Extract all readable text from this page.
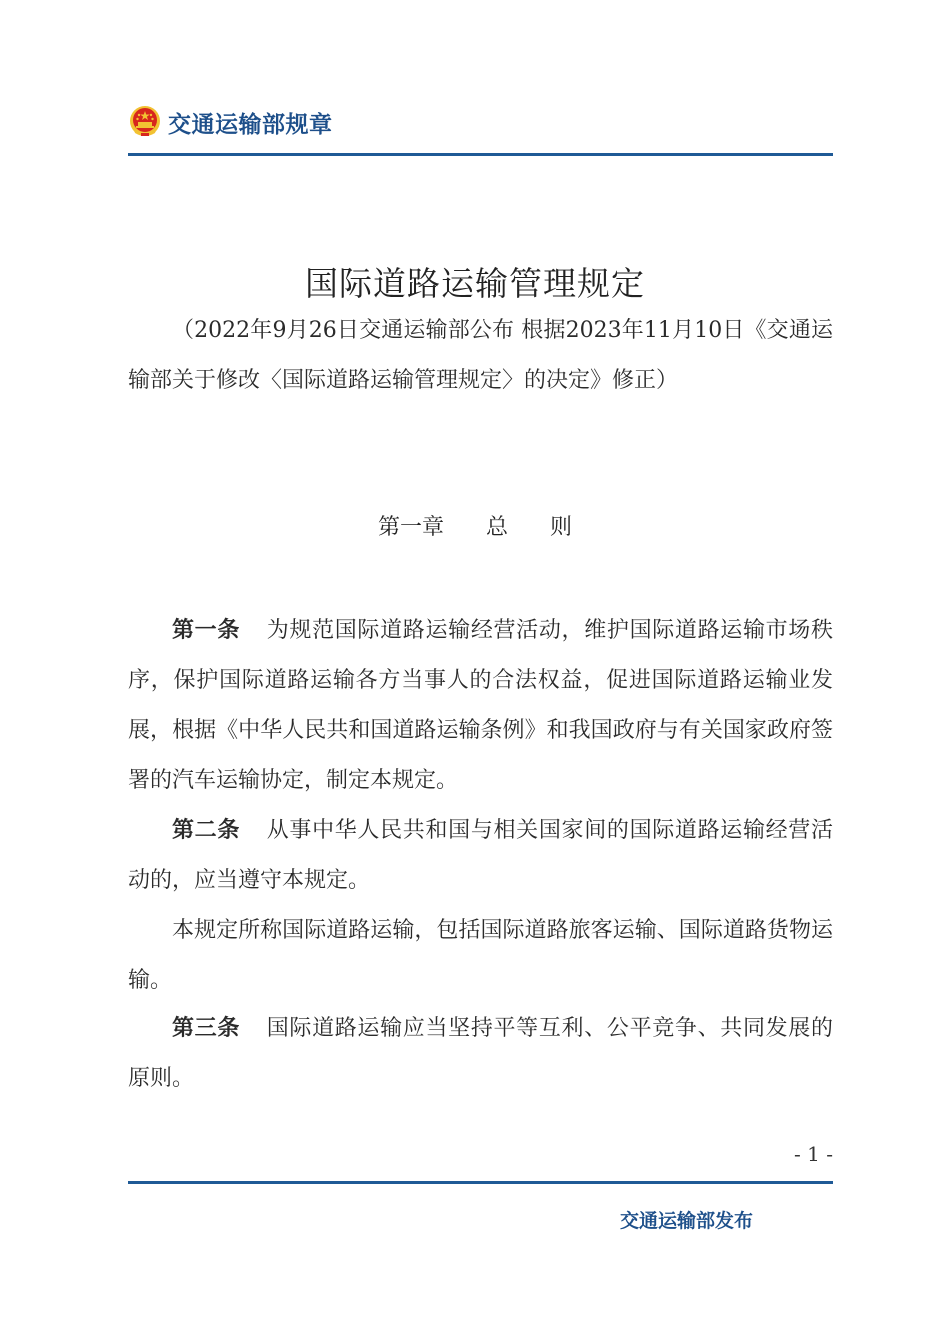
交通运输部规章
国际道路运输管理规定
（2022年9月26日交通运输部公布 根据2023年11月10日《交通运输部关于修改〈国际道路运输管理规定〉的决定》修正）
第一章 总 则
第一条 为规范国际道路运输经营活动，维护国际道路运输市场秩序，保护国际道路运输各方当事人的合法权益，促进国际道路运输业发展，根据《中华人民共和国道路运输条例》和我国政府与有关国家政府签署的汽车运输协定，制定本规定。
第二条 从事中华人民共和国与相关国家间的国际道路运输经营活动的，应当遵守本规定。
本规定所称国际道路运输，包括国际道路旅客运输、国际道路货物运输。
第三条 国际道路运输应当坚持平等互利、公平竞争、共同发展的原则。
- 1 -
交通运输部发布
